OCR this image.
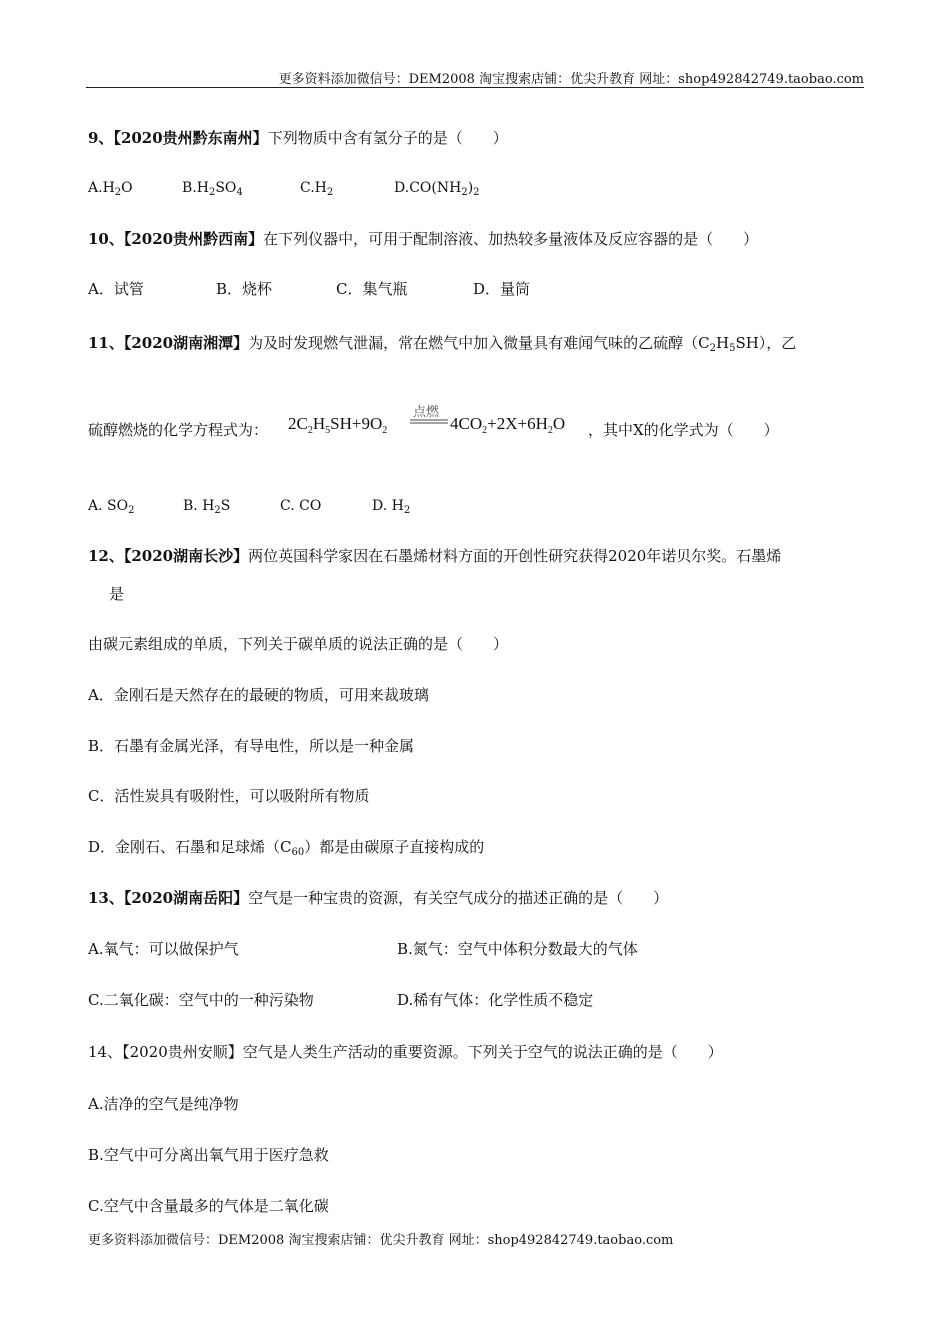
更多资料添加微信号：DEM2008 淘宝搜索店铺：优尖升教育 网址：shop492842749.taobao.com
9、【2020贵州黔东南州】下列物质中含有氢分子的是（　　）
$A.H_2O$	$B.H_2SO_4$	$C.H_2$	$D.CO(NH_2)_2$
10、【2020贵州黔西南】在下列仪器中，可用于配制溶液、加热较多量液体及反应容器的是（　　）
A．试管	B．烧杯	C．集气瓶	D．量筒
11、【2020湖南湘潭】为及时发现燃气泄漏，常在燃气中加入微量具有难闻气味的乙硫醇$(C_2H_5SH)$，乙
硫醇燃烧的化学方程式为： $2C_2H_5SH+9O_2$
点燃
$4CO_2+2X+6H_2O$ ，其中X的化学式为（　　）
A. $SO_2$	B. $H_2S$	C. CO	D. $H_2$
12、【2020湖南长沙】两位英国科学家因在石墨烯材料方面的开创性研究获得2020年诺贝尔奖。石墨烯
是
由碳元素组成的单质，下列关于碳单质的说法正确的是（　　）
A．金刚石是天然存在的最硬的物质，可用来裁玻璃
B．石墨有金属光泽，有导电性，所以是一种金属
C．活性炭具有吸附性，可以吸附所有物质
D．金刚石、石墨和足球烯$(C_{60})$都是由碳原子直接构成的
13、【2020湖南岳阳】空气是一种宝贵的资源，有关空气成分的描述正确的是（　　）
A.氧气：可以做保护气	B.氮气：空气中体积分数最大的气体
C.二氧化碳：空气中的一种污染物	D.稀有气体：化学性质不稳定
14、【2020贵州安顺】空气是人类生产活动的重要资源。下列关于空气的说法正确的是（　　）
A.洁净的空气是纯净物
B.空气中可分离出氧气用于医疗急救
C.空气中含量最多的气体是二氧化碳
更多资料添加微信号：DEM2008 淘宝搜索店铺：优尖升教育 网址：shop492842749.taobao.com
